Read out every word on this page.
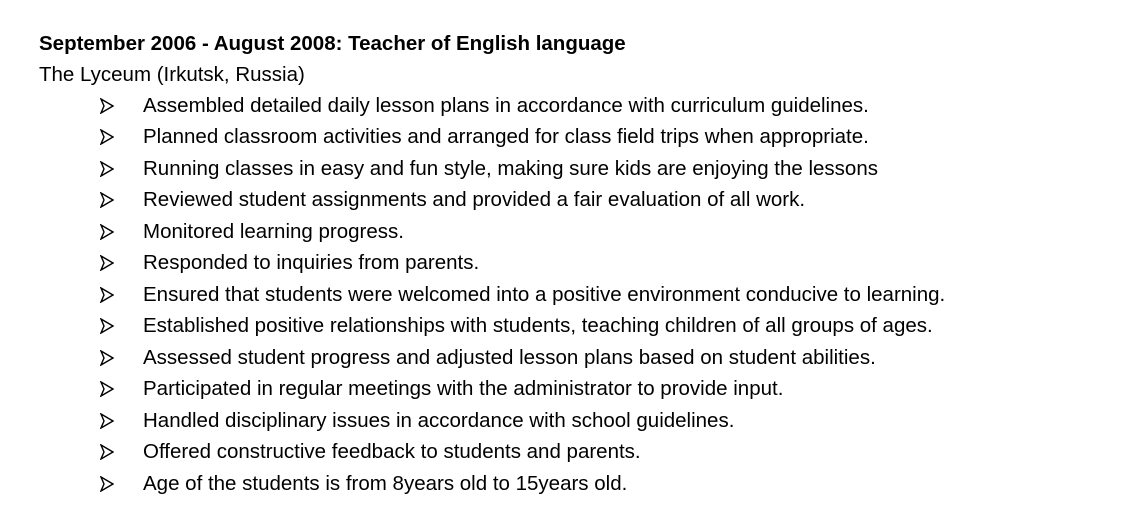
September 2006 - August 2008: Teacher of English language
The Lyceum (Irkutsk, Russia)
Assembled detailed daily lesson plans in accordance with curriculum guidelines.
Planned classroom activities and arranged for class field trips when appropriate.
Running classes in easy and fun style, making sure kids are enjoying the lessons
Reviewed student assignments and provided a fair evaluation of all work.
Monitored learning progress.
Responded to inquiries from parents.
Ensured that students were welcomed into a positive environment conducive to learning.
Established positive relationships with students, teaching children of all groups of ages.
Assessed student progress and adjusted lesson plans based on student abilities.
Participated in regular meetings with the administrator to provide input.
Handled disciplinary issues in accordance with school guidelines.
Offered constructive feedback to students and parents.
Age of the students is from 8years old to 15years old.
